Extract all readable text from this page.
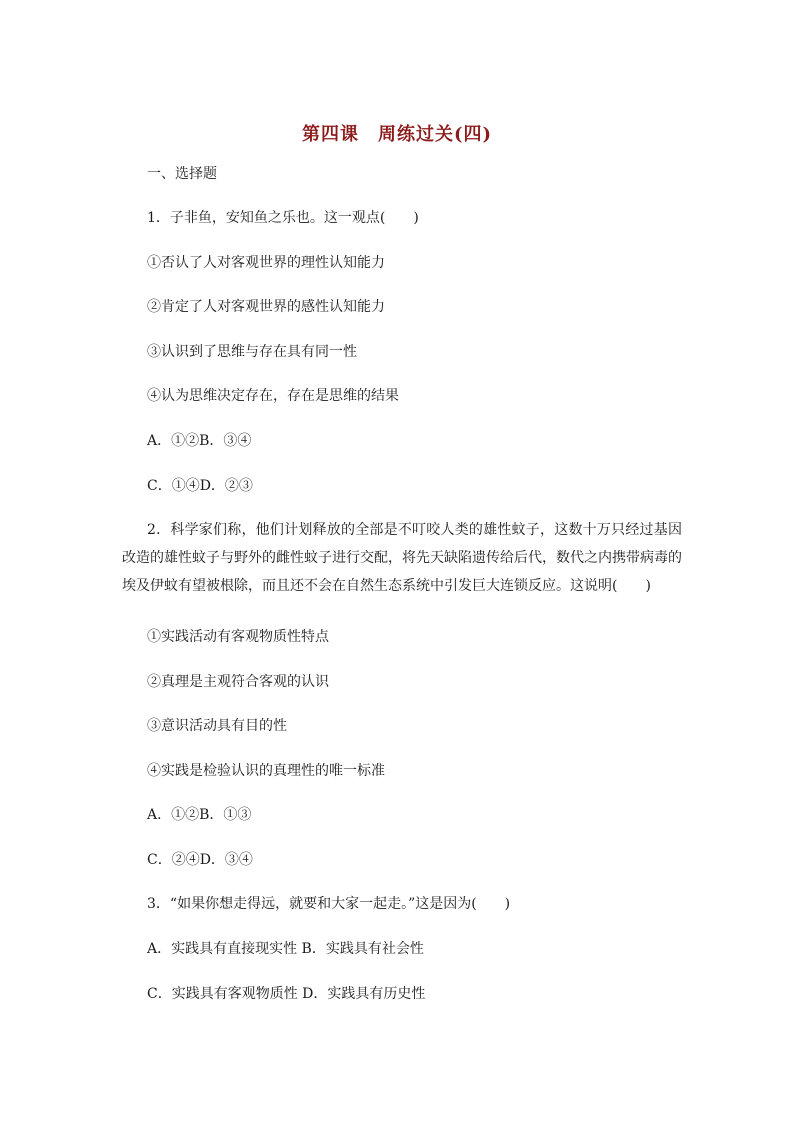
第四课　周练过关(四)
一、选择题
1．子非鱼，安知鱼之乐也。这一观点(　　)
①否认了人对客观世界的理性认知能力
②肯定了人对客观世界的感性认知能力
③认识到了思维与存在具有同一性
④认为思维决定存在，存在是思维的结果
A．①②B．③④
C．①④D．②③
2．科学家们称，他们计划释放的全部是不叮咬人类的雄性蚊子，这数十万只经过基因改造的雄性蚊子与野外的雌性蚊子进行交配，将先天缺陷遗传给后代，数代之内携带病毒的埃及伊蚊有望被根除，而且还不会在自然生态系统中引发巨大连锁反应。这说明(　　)
①实践活动有客观物质性特点
②真理是主观符合客观的认识
③意识活动具有目的性
④实践是检验认识的真理性的唯一标准
A．①②B．①③
C．②④D．③④
3．“如果你想走得远，就要和大家一起走。”这是因为(　　)
A．实践具有直接现实性 B．实践具有社会性
C．实践具有客观物质性 D．实践具有历史性
